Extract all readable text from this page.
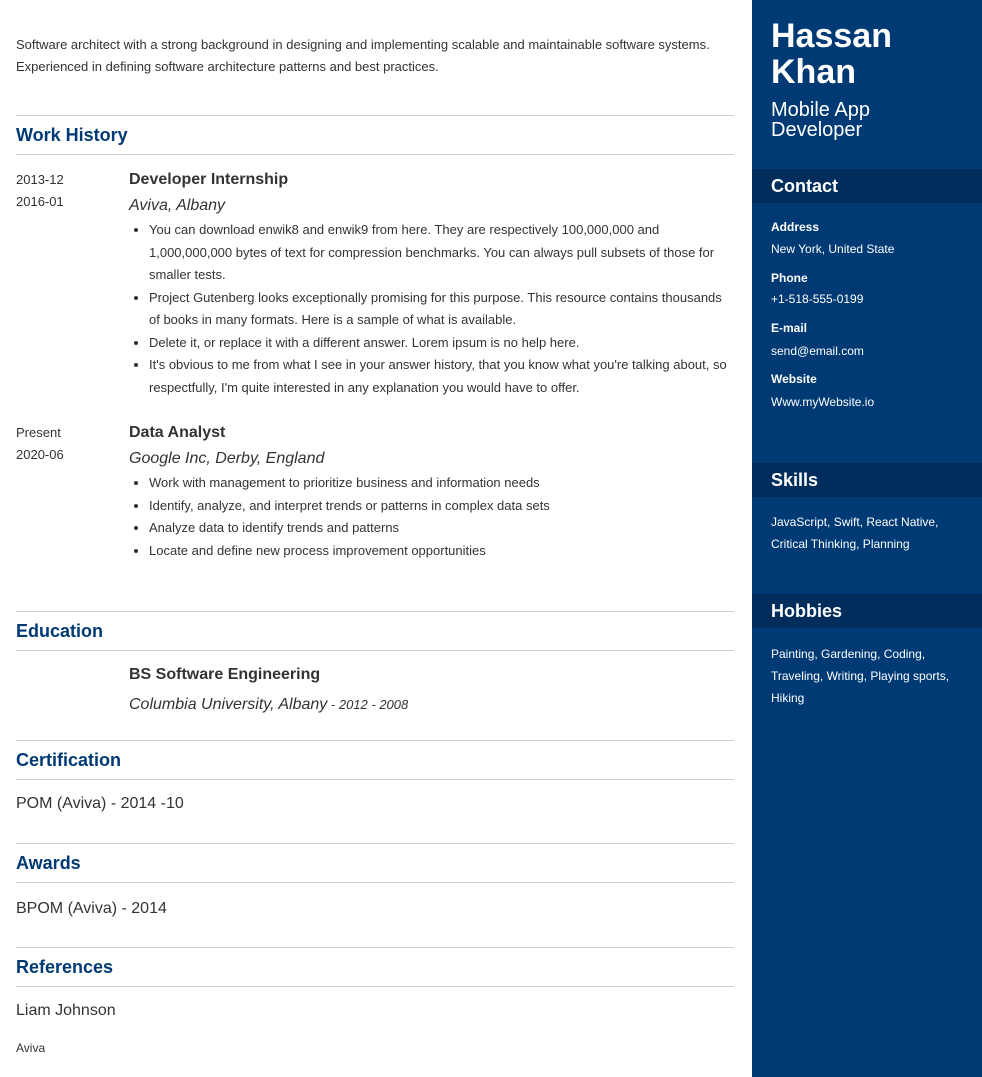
Software architect with a strong background in designing and implementing scalable and maintainable software systems. Experienced in defining software architecture patterns and best practices.

Work History
2013-12
2016-01

Developer Internship

Aviva, Albany

• You can download enwik8 and enwik9 from here. They are respectively 100,000,000 and 1,000,000,000 bytes of text for compression benchmarks. You can always pull subsets of those for smaller tests.
• Project Gutenberg looks exceptionally promising for this purpose. This resource contains thousands of books in many formats. Here is a sample of what is available.
• Delete it, or replace it with a different answer. Lorem ipsum is no help here.
• It's obvious to me from what I see in your answer history, that you know what you're talking about, so respectfully, I'm quite interested in any explanation you would have to offer.
Present
2020-06

Data Analyst

Google Inc, Derby, England

• Work with management to prioritize business and information needs
• Identify, analyze, and interpret trends or patterns in complex data sets
• Analyze data to identify trends and patterns
• Locate and define new process improvement opportunities
Education

BS Software Engineering

Columbia University, Albany - 2012 - 2008

Certification

POM (Aviva) - 2014 -10

Awards

BPOM (Aviva) - 2014

References

Liam Johnson

Aviva

Hassan
Khan
Mobile App
Developer
Contact

Address

New York, United State

Phone

+1-518-555-0199

E-mail

send@email.com

Website

Www.myWebsite.io

Skills

JavaScript, Swift, React Native, Critical Thinking, Planning

Hobbies

Painting, Gardening, Coding, Traveling, Writing, Playing sports, Hiking
